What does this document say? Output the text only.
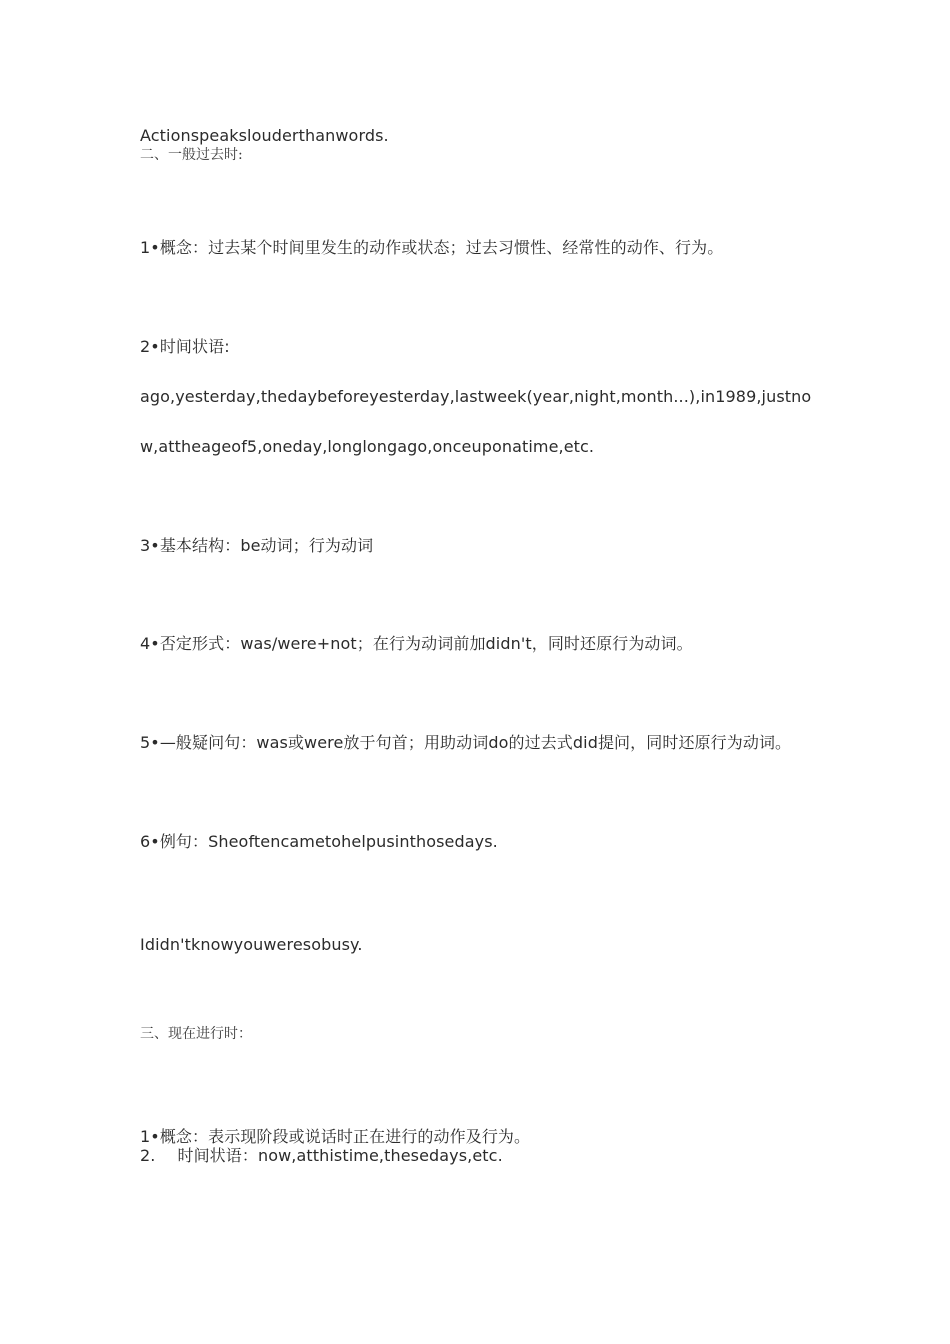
Actionspeakslouderthanwords.
二、一般过去时:
1•概念：过去某个时间里发生的动作或状态；过去习惯性、经常性的动作、行为。
2•时间状语:
ago,yesterday,thedaybeforeyesterday,lastweek(year,night,month...),in1989,justno
w,attheageof5,oneday,longlongago,onceuponatime,etc.
3•基本结构：be动词；行为动词
4•否定形式：was/were+not；在行为动词前加didn't，同时还原行为动词。
5•—般疑问句：was或were放于句首；用助动词do的过去式did提问，同时还原行为动词。
6•例句：Sheoftencametohelpusinthosedays.
Ididn'tknowyouweresobusy.
三、现在进行时：
1•概念：表示现阶段或说话时正在进行的动作及行为。
2. 时间状语：now,atthistime,thesedays,etc.
